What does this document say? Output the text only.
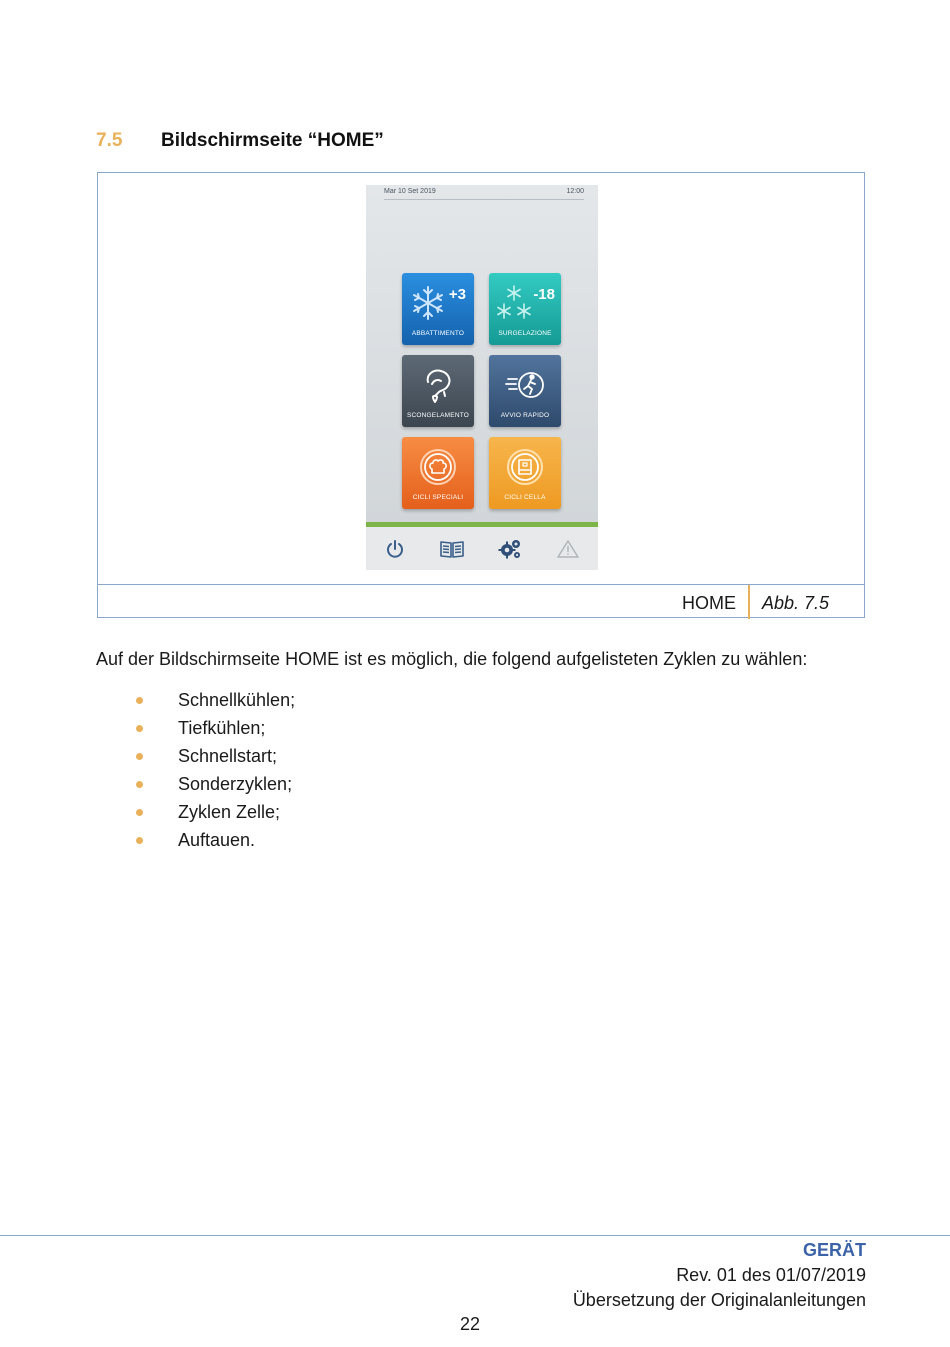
7.5 Bildschirmseite “HOME”
Mar 10 Set 2019	12:00
+3
ABBATTIMENTO
-18
SURGELAZIONE
SCONGELAMENTO	AVVIO RAPIDO
CICLI SPECIALI	CICLI CELLA
HOME Abb. 7.5
Auf der Bildschirmseite HOME ist es möglich, die folgend aufgelisteten Zyklen zu wählen:
Schnellkühlen;
Tiefkühlen;
Schnellstart;
Sonderzyklen;
Zyklen Zelle;
Auftauen.
GERÄT
Rev. 01 des 01/07/2019
Übersetzung der Originalanleitungen
22
